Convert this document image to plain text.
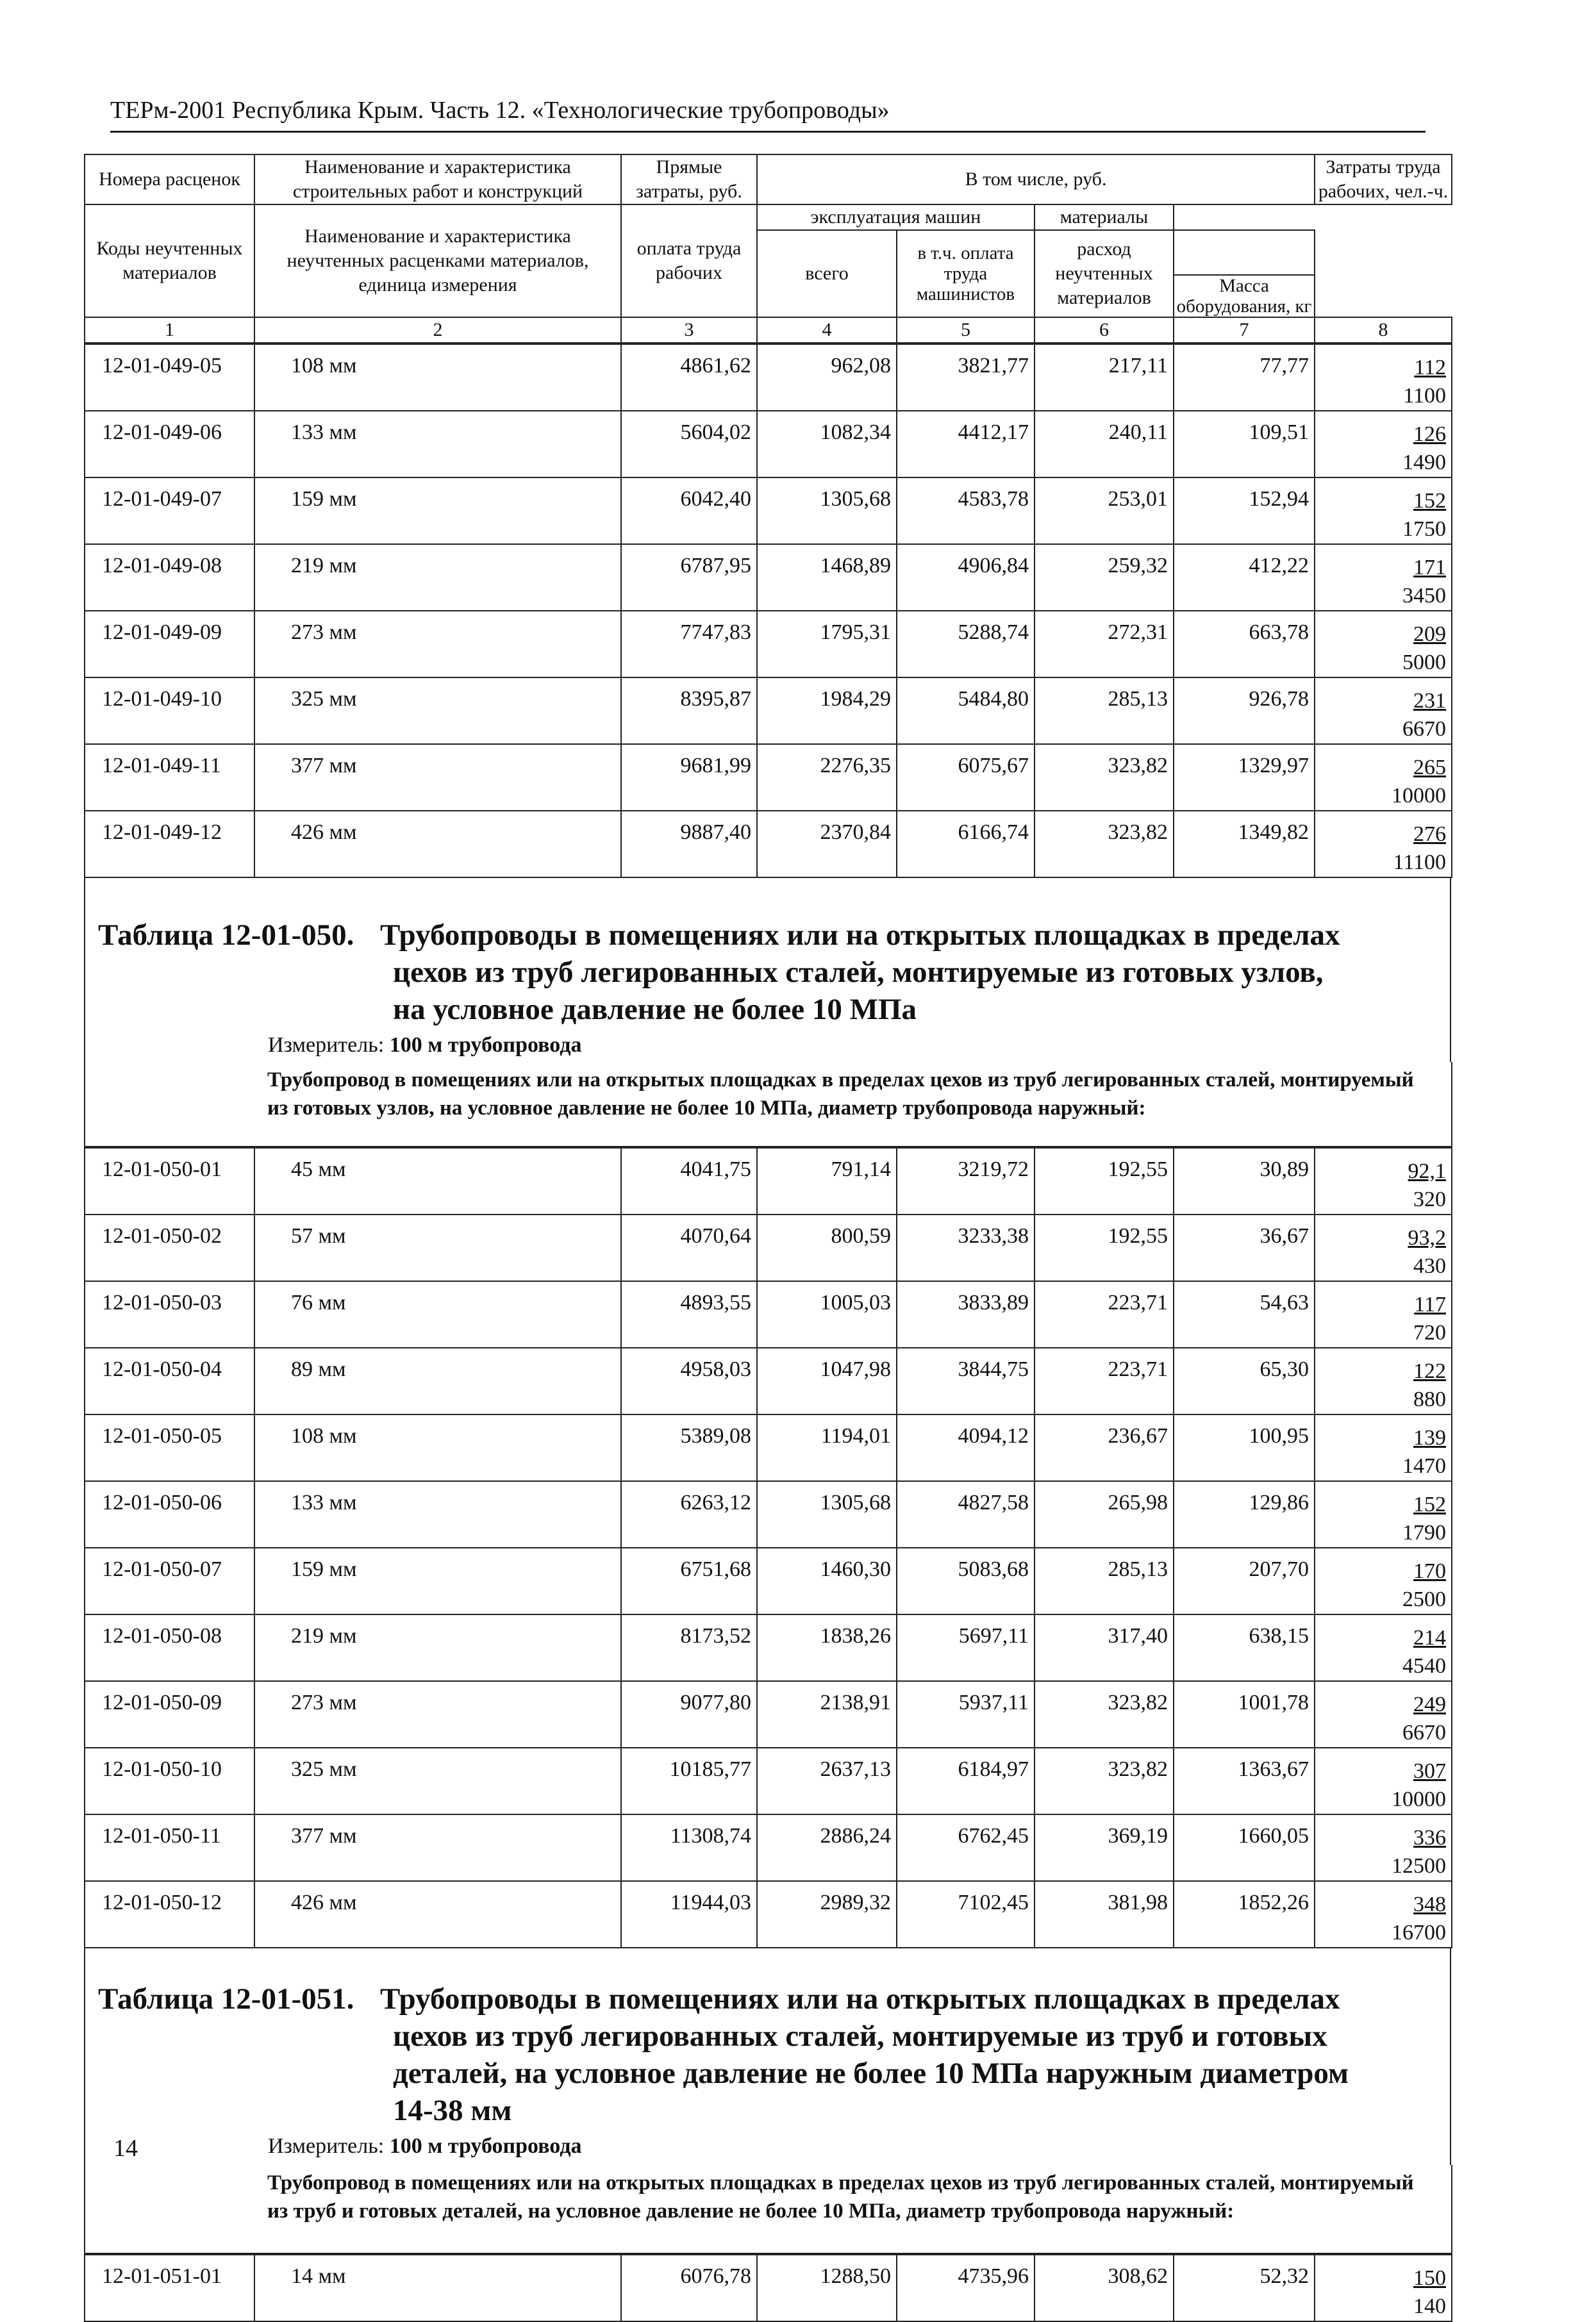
ТЕРм-2001 Республика Крым. Часть 12. «Технологические трубопроводы»
Номера расценок	Наименование и характеристика строительных работ и конструкций	Прямые затраты, руб.	В том числе, руб.				Затраты труда рабочих, чел.-ч.

Коды неучтенных материалов	Наименование и характеристика неучтенных расценками материалов, единица измерения	оплата труда рабочих	эксплуатация машин		материалы	
			всего	в т.ч. оплата труда машинистов	расход неучтенных материалов		
						Масса оборудования, кг	
1	2	3	4	5	6	7	8
12-01-049-05	108 мм	4861,62	962,08	3821,77	217,11	77,77	112
1100

12-01-049-06	133 мм	5604,02	1082,34	4412,17	240,11	109,51	126
1490

12-01-049-07	159 мм	6042,40	1305,68	4583,78	253,01	152,94	152
1750

12-01-049-08	219 мм	6787,95	1468,89	4906,84	259,32	412,22	171
3450

12-01-049-09	273 мм	7747,83	1795,31	5288,74	272,31	663,78	209
5000

12-01-049-10	325 мм	8395,87	1984,29	5484,80	285,13	926,78	231
6670

12-01-049-11	377 мм	9681,99	2276,35	6075,67	323,82	1329,97	265
10000

12-01-049-12	426 мм	9887,40	2370,84	6166,74	323,82	1349,82	276
11100
Таблица 12-01-050. Трубопроводы в помещениях или на открытых площадках в пределах
цехов из труб легированных сталей, монтируемые из готовых узлов,
на условное давление не более 10 МПа
Измеритель: 100 м трубопровода

Трубопровод в помещениях или на открытых площадках в пределах цехов из труб легированных сталей, монтируемый из готовых узлов, на условное давление не более 10 МПа, диаметр трубопровода наружный:
12-01-050-01	45 мм	4041,75	791,14	3219,72	192,55	30,89	92,1
320

12-01-050-02	57 мм	4070,64	800,59	3233,38	192,55	36,67	93,2
430

12-01-050-03	76 мм	4893,55	1005,03	3833,89	223,71	54,63	117
720

12-01-050-04	89 мм	4958,03	1047,98	3844,75	223,71	65,30	122
880

12-01-050-05	108 мм	5389,08	1194,01	4094,12	236,67	100,95	139
1470

12-01-050-06	133 мм	6263,12	1305,68	4827,58	265,98	129,86	152
1790

12-01-050-07	159 мм	6751,68	1460,30	5083,68	285,13	207,70	170
2500

12-01-050-08	219 мм	8173,52	1838,26	5697,11	317,40	638,15	214
4540

12-01-050-09	273 мм	9077,80	2138,91	5937,11	323,82	1001,78	249
6670

12-01-050-10	325 мм	10185,77	2637,13	6184,97	323,82	1363,67	307
10000

12-01-050-11	377 мм	11308,74	2886,24	6762,45	369,19	1660,05	336
12500

12-01-050-12	426 мм	11944,03	2989,32	7102,45	381,98	1852,26	348
16700
Таблица 12-01-051. Трубопроводы в помещениях или на открытых площадках в пределах
цехов из труб легированных сталей, монтируемые из труб и готовых
деталей, на условное давление не более 10 МПа наружным диаметром
14-38 мм
Измеритель: 100 м трубопровода

Трубопровод в помещениях или на открытых площадках в пределах цехов из труб легированных сталей, монтируемый из труб и готовых деталей, на условное давление не более 10 МПа, диаметр трубопровода наружный:
12-01-051-01	14 мм	6076,78	1288,50	4735,96	308,62	52,32	150
140
14
